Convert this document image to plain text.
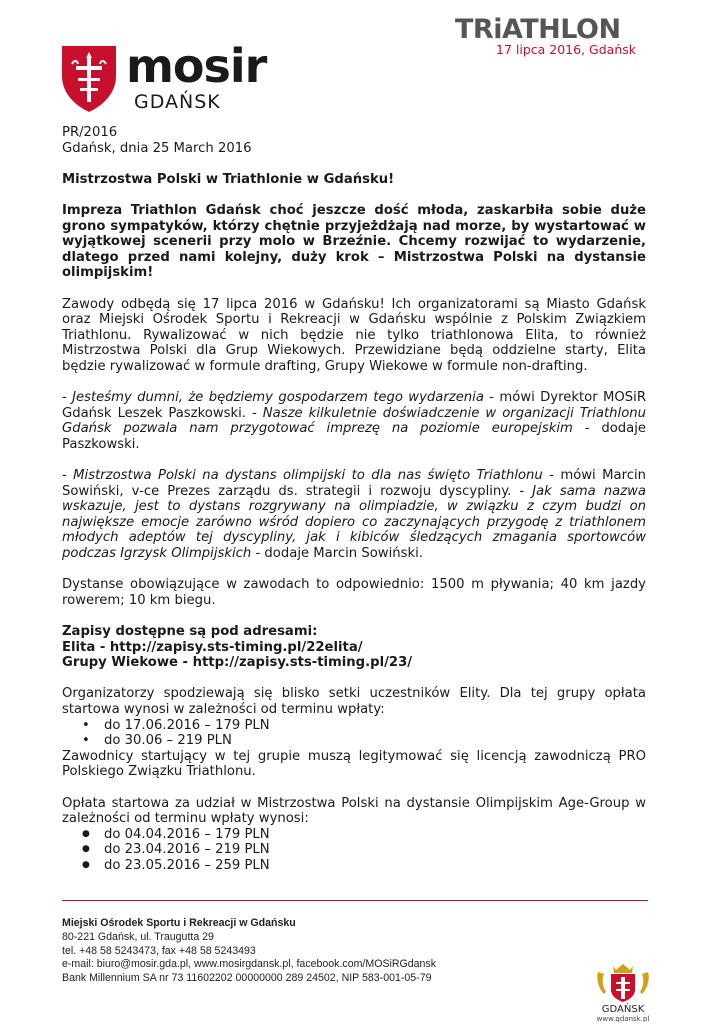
mosir
GDAŃSK
TRiATHLON
17 lipca 2016, Gdańsk

PR/2016

Gdańsk, dnia 25 March 2016

Mistrzostwa Polski w Triathlonie w Gdańsku!

Impreza Triathlon Gdańsk choć jeszcze dość młoda, zaskarbiła sobie duże grono sympatyków, którzy chętnie przyjeżdżają nad morze, by wystartować w wyjątkowej scenerii przy molo w Brzeźnie. Chcemy rozwijać to wydarzenie, dlatego przed nami kolejny, duży krok – Mistrzostwa Polski na dystansie olimpijskim!

Zawody odbędą się 17 lipca 2016 w Gdańsku! Ich organizatorami są Miasto Gdańsk oraz Miejski Ośrodek Sportu i Rekreacji w Gdańsku wspólnie z Polskim Związkiem Triathlonu. Rywalizować w nich będzie nie tylko triathlonowa Elita, to również Mistrzostwa Polski dla Grup Wiekowych. Przewidziane będą oddzielne starty, Elita będzie rywalizować w formule drafting, Grupy Wiekowe w formule non-drafting.

- Jesteśmy dumni, że będziemy gospodarzem tego wydarzenia - mówi Dyrektor MOSiR Gdańsk Leszek Paszkowski. - Nasze kilkuletnie doświadczenie w organizacji Triathlonu Gdańsk pozwala nam przygotować imprezę na poziomie europejskim - dodaje Paszkowski.

- Mistrzostwa Polski na dystans olimpijski to dla nas święto Triathlonu - mówi Marcin Sowiński, v-ce Prezes zarządu ds. strategii i rozwoju dyscypliny. - Jak sama nazwa wskazuje, jest to dystans rozgrywany na olimpiadzie, w związku z czym budzi on największe emocje zarówno wśród dopiero co zaczynających przygodę z triathlonem młodych adeptów tej dyscypliny, jak i kibiców śledzących zmagania sportowców podczas Igrzysk Olimpijskich - dodaje Marcin Sowiński.

Dystanse obowiązujące w zawodach to odpowiednio: 1500 m pływania; 40 km jazdy rowerem; 10 km biegu.

Zapisy dostępne są pod adresami:

Elita - http://zapisy.sts-timing.pl/22elita/

Grupy Wiekowe - http://zapisy.sts-timing.pl/23/

Organizatorzy spodziewają się blisko setki uczestników Elity. Dla tej grupy opłata startowa wynosi w zależności od terminu wpłaty:

• do 17.06.2016 – 179 PLN
• do 30.06 – 219 PLN

Zawodnicy startujący w tej grupie muszą legitymować się licencją zawodniczą PRO Polskiego Związku Triathlonu.

Opłata startowa za udział w Mistrzostwa Polski na dystansie Olimpijskim Age-Group w zależności od terminu wpłaty wynosi:

● do 04.04.2016 – 179 PLN
● do 23.04.2016 – 219 PLN
● do 23.05.2016 – 259 PLN
Miejski Ośrodek Sportu i Rekreacji w Gdańsku
80-221 Gdańsk, ul. Traugutta 29
tel. +48 58 5243473, fax +48 58 5243493
e-mail: biuro@mosir.gda.pl, www.mosirgdansk.pl, facebook.com/MOSiRGdansk
Bank Millennium SA nr 73 11602202 00000000 289 24502, NIP 583-001-05-79
GDAŃSK
www.gdansk.pl
